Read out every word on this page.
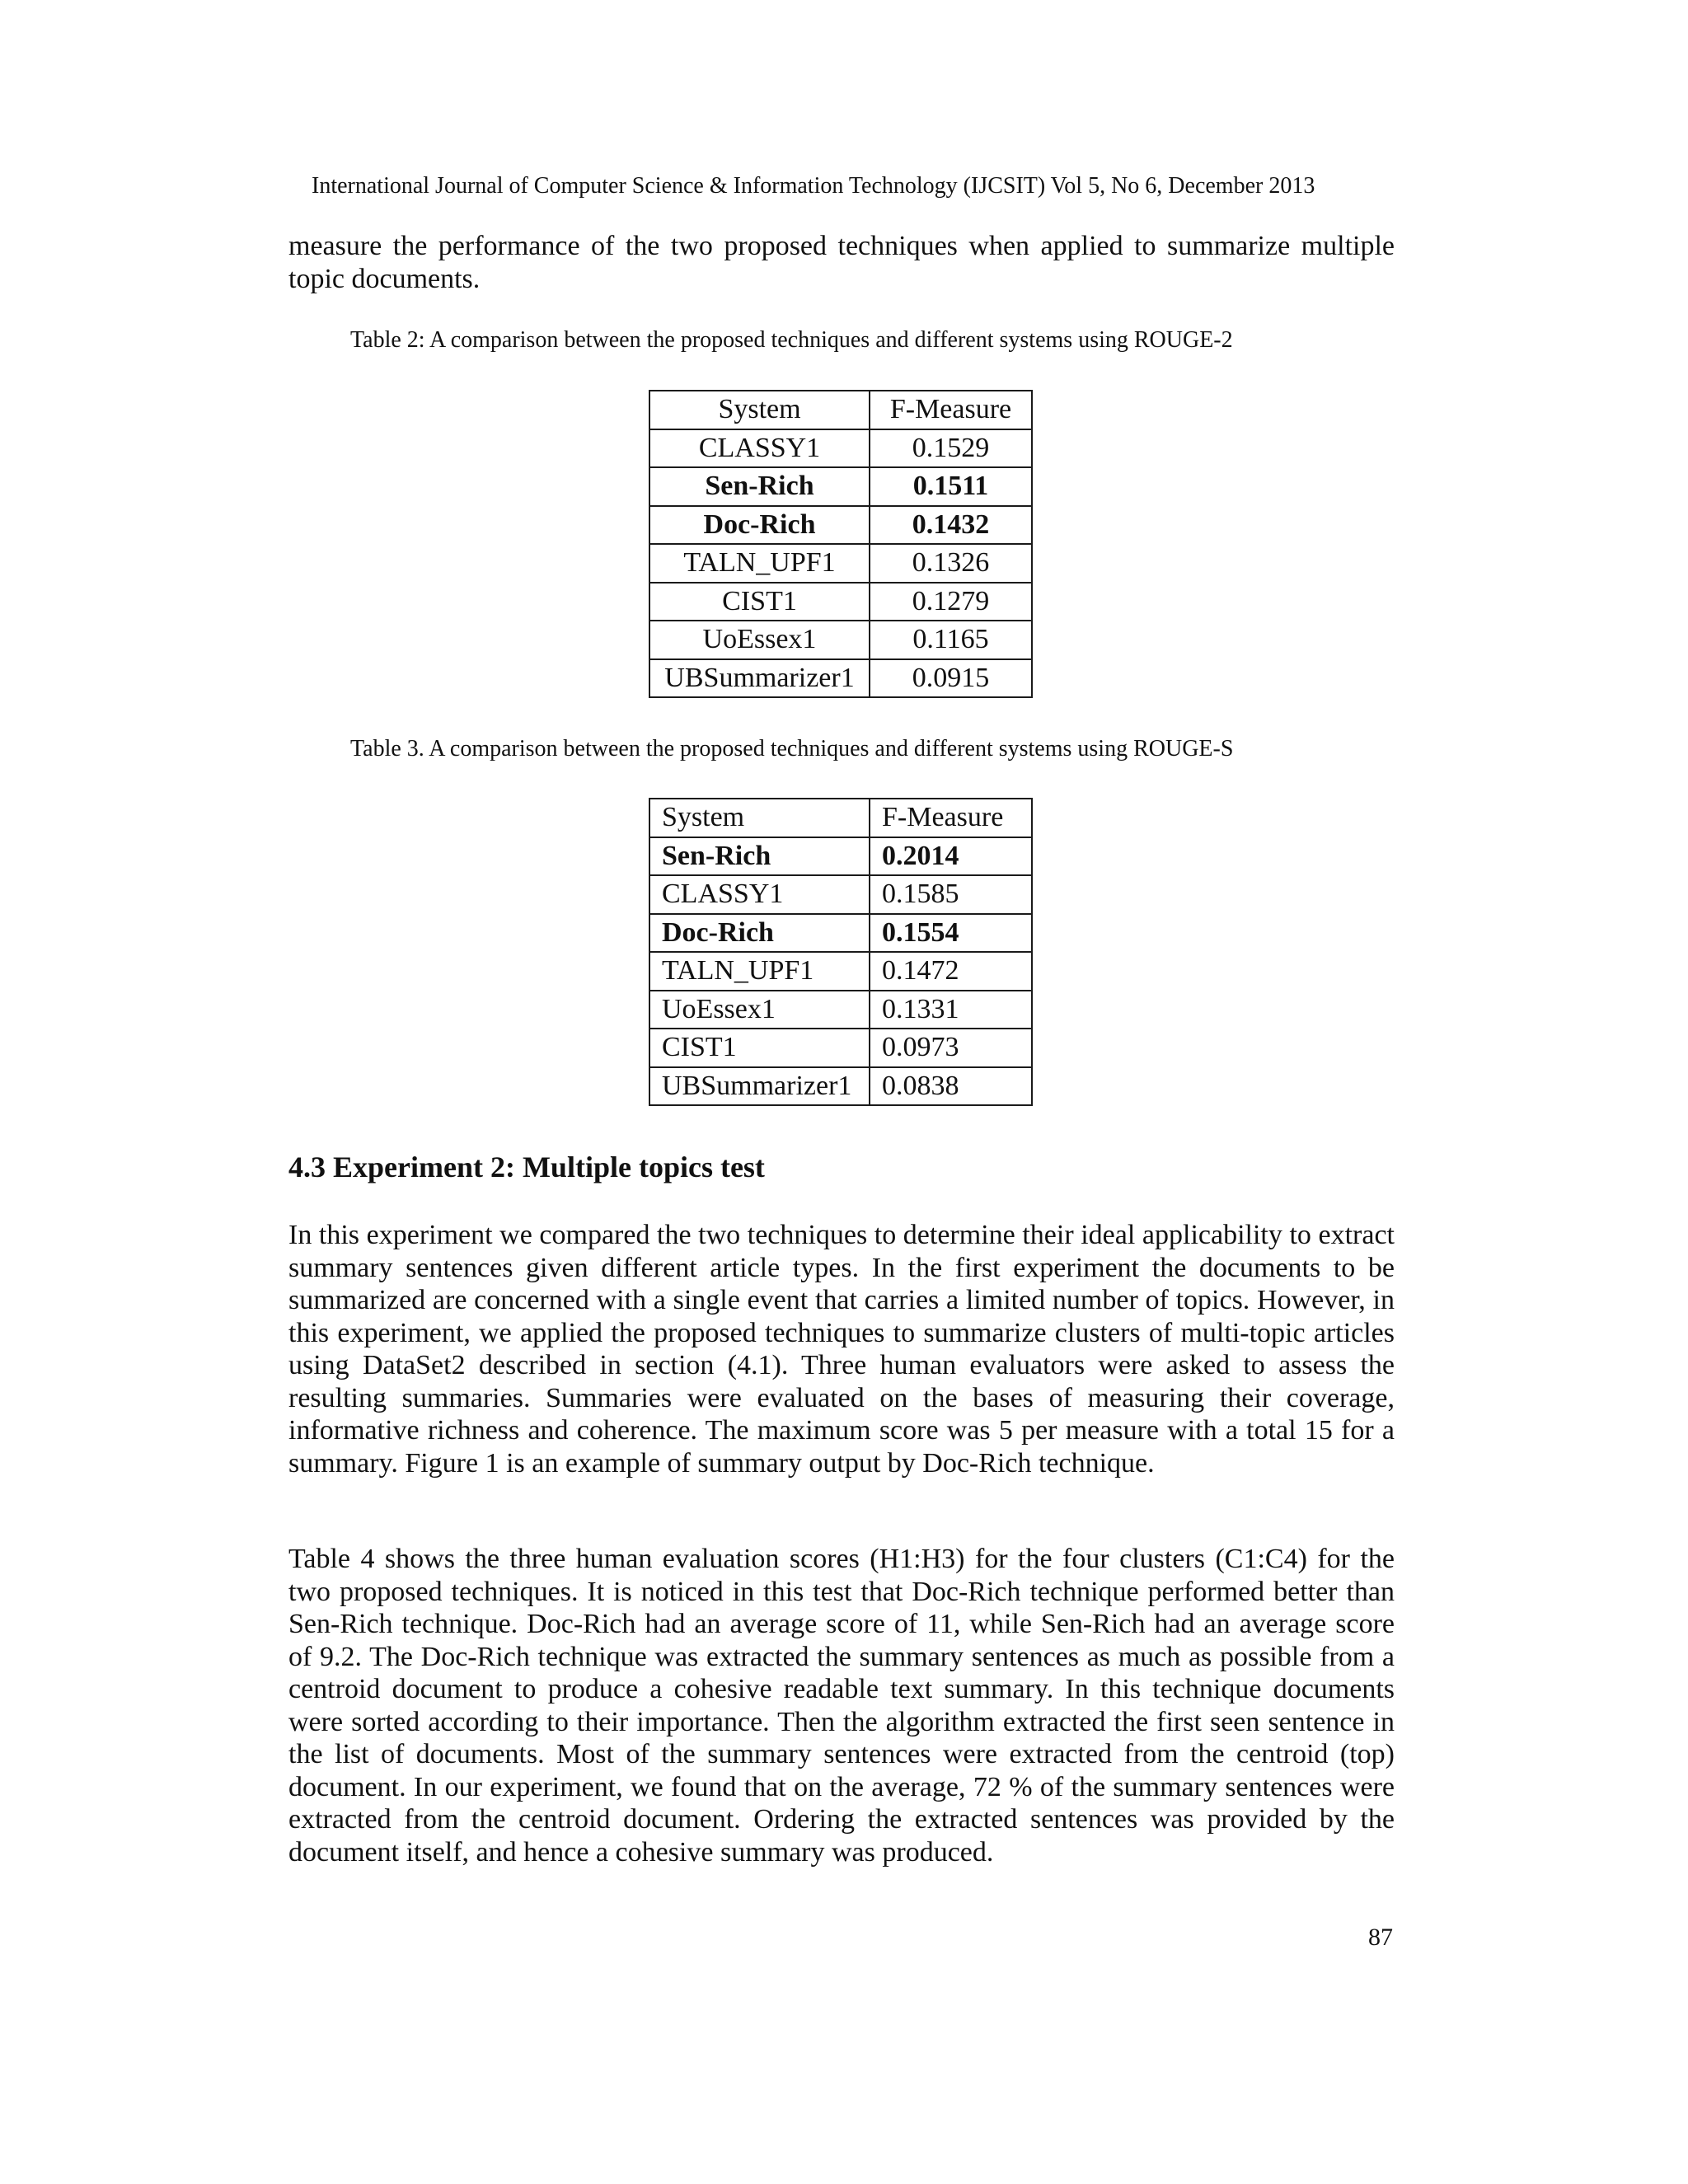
International Journal of Computer Science & Information Technology (IJCSIT) Vol 5, No 6, December 2013

measure the performance of the two proposed techniques when applied to summarize multiple topic documents.

Table 2: A comparison between the proposed techniques and different systems using ROUGE-2
System	F-Measure
CLASSY1	0.1529
Sen-Rich	0.1511
Doc-Rich	0.1432
TALN_UPF1	0.1326
CIST1	0.1279
UoEssex1	0.1165
UBSummarizer1	0.0915
Table 3. A comparison between the proposed techniques and different systems using ROUGE-S
System	F-Measure
Sen-Rich	0.2014
CLASSY1	0.1585
Doc-Rich	0.1554
TALN_UPF1	0.1472
UoEssex1	0.1331
CIST1	0.0973
UBSummarizer1	0.0838
4.3 Experiment 2: Multiple topics test

In this experiment we compared the two techniques to determine their ideal applicability to extract summary sentences given different article types. In the first experiment the documents to be summarized are concerned with a single event that carries a limited number of topics. However, in this experiment, we applied the proposed techniques to summarize clusters of multi-topic articles using DataSet2 described in section (4.1). Three human evaluators were asked to assess the resulting summaries. Summaries were evaluated on the bases of measuring their coverage, informative richness and coherence. The maximum score was 5 per measure with a total 15 for a summary. Figure 1 is an example of summary output by Doc-Rich technique.

Table 4 shows the three human evaluation scores (H1:H3) for the four clusters (C1:C4) for the two proposed techniques. It is noticed in this test that Doc-Rich technique performed better than Sen-Rich technique. Doc-Rich had an average score of 11, while Sen-Rich had an average score of 9.2. The Doc-Rich technique was extracted the summary sentences as much as possible from a centroid document to produce a cohesive readable text summary. In this technique documents were sorted according to their importance. Then the algorithm extracted the first seen sentence in the list of documents. Most of the summary sentences were extracted from the centroid (top) document. In our experiment, we found that on the average, 72 % of the summary sentences were extracted from the centroid document. Ordering the extracted sentences was provided by the document itself, and hence a cohesive summary was produced.

87
